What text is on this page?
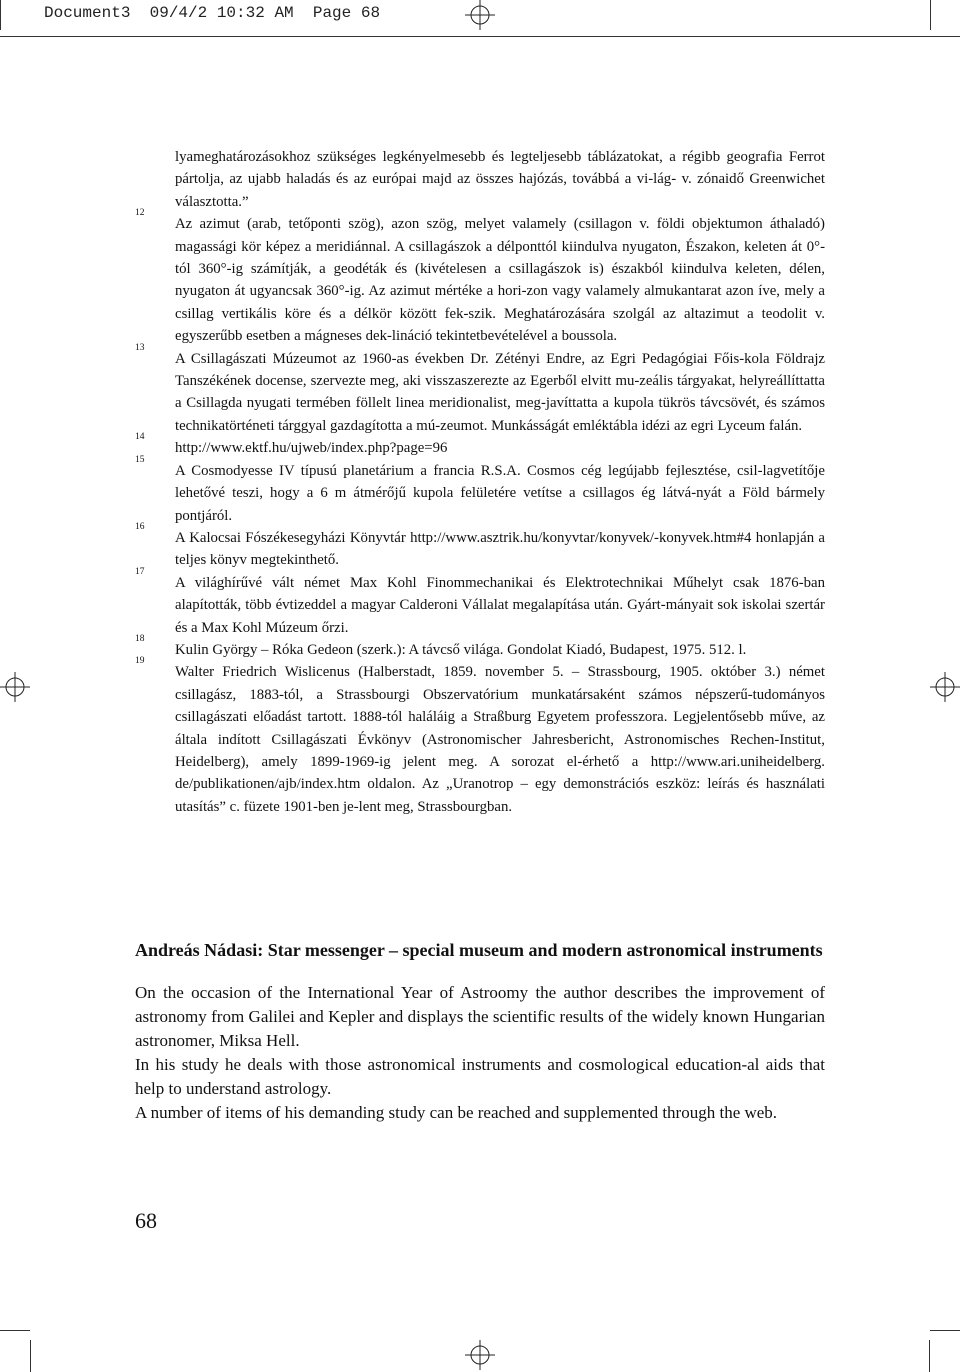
Document3  09/4/2 10:32 AM  Page 68
lyameghatározásokhoz szükséges legkényelmesebb és legteljesebb táblázatokat, a régibb geografia Ferrot pártolja, az ujabb haladás és az európai majd az összes hajózás, továbbá a vi-lág- v. zónaidő Greenwichet választotta.”
12
Az azimut (arab, tetőponti szög), azon szög, melyet valamely (csillagon v. földi objektumon áthaladó) magassági kör képez a meridiánnal. A csillagászok a délponttól kiindulva nyugaton, Északon, keleten át 0°-tól 360°-ig számítják, a geodéták és (kivételesen a csillagászok is) északból kiindulva keleten, délen, nyugaton át ugyancsak 360°-ig. Az azimut mértéke a hori-zon vagy valamely almukantarat azon íve, mely a csillag vertikális köre és a délkör között fek-szik. Meghatározására szolgál az altazimut a teodolit v. egyszerűbb esetben a mágneses dek-lináció tekintetbevételével a boussola.
13
A Csillagászati Múzeumot az 1960-as években Dr. Zétényi Endre, az Egri Pedagógiai Főis-kola Földrajz Tanszékének docense, szervezte meg, aki visszaszerezte az Egerből elvitt mu-zeális tárgyakat, helyreállíttatta a Csillagda nyugati termében föllelt linea meridionalist, meg-javíttatta a kupola tükrös távcsövét, és számos technikatörténeti tárggyal gazdagította a mú-zeumot. Munkásságát emléktábla idézi az egri Lyceum falán.
14
http://www.ektf.hu/ujweb/index.php?page=96
15
A Cosmodyesse IV típusú planetárium a francia R.S.A. Cosmos cég legújabb fejlesztése, csil-lagvetítője lehetővé teszi, hogy a 6 m átmérőjű kupola felületére vetítse a csillagos ég látvá-nyát a Föld bármely pontjáról.
16
A Kalocsai Fószékesegyházi Könyvtár http://www.asztrik.hu/konyvtar/konyvek/-konyvek.htm#4 honlapján a teljes könyv megtekinthető.
17
A világhírűvé vált német Max Kohl Finommechanikai és Elektrotechnikai Műhelyt csak 1876-ban alapították, több évtizeddel a magyar Calderoni Vállalat megalapítása után. Gyárt-mányait sok iskolai szertár és a Max Kohl Múzeum őrzi.
18
Kulin György – Róka Gedeon (szerk.): A távcső világa. Gondolat Kiadó, Budapest, 1975. 512. l.
19
Walter Friedrich Wislicenus (Halberstadt, 1859. november 5. – Strassbourg, 1905. október 3.) német csillagász, 1883-tól, a Strassbourgi Obszervatórium munkatársaként számos népszerű-tudományos csillagászati előadást tartott. 1888-tól haláláig a Straßburg Egyetem professzora. Legjelentősebb műve, az általa indított Csillagászati Évkönyv (Astronomischer Jahresbericht, Astronomisches Rechen-Institut, Heidelberg), amely 1899-1969-ig jelent meg. A sorozat el-érhető a http://www.ari.uniheidelberg. de/publikationen/ajb/index.htm oldalon. Az „Uranotrop – egy demonstrációs eszköz: leírás és használati utasítás” c. füzete 1901-ben je-lent meg, Strassbourgban.

Andreás Nádasi: Star messenger – special museum and modern astronomical instruments

On the occasion of the International Year of Astroomy the author describes the improvement of astronomy from Galilei and Kepler and displays the scientific results of the widely known Hungarian astronomer, Miksa Hell.

In his study he deals with those astronomical instruments and cosmological education-al aids that help to understand astrology.

A number of items of his demanding study can be reached and supplemented through the web.

68
